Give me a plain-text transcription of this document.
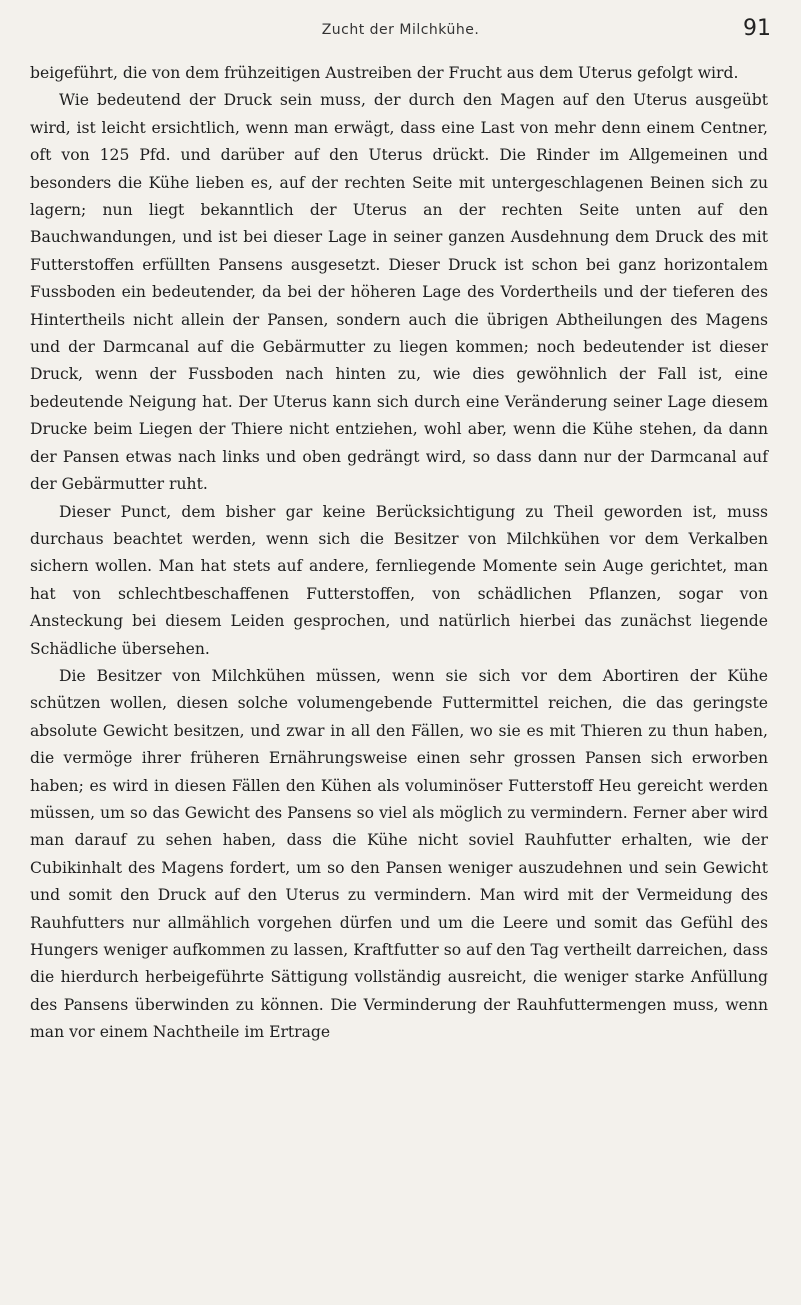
Zucht der Milchkühe.	91

beigeführt, die von dem frühzeitigen Austreiben der Frucht aus dem Uterus gefolgt wird.

Wie bedeutend der Druck sein muss, der durch den Magen auf den Uterus ausgeübt wird, ist leicht ersichtlich, wenn man erwägt, dass eine Last von mehr denn einem Centner, oft von 125 Pfd. und darüber auf den Uterus drückt. Die Rinder im Allgemeinen und besonders die Kühe lieben es, auf der rechten Seite mit untergeschlagenen Beinen sich zu lagern; nun liegt bekanntlich der Uterus an der rechten Seite unten auf den Bauchwandungen, und ist bei dieser Lage in seiner ganzen Ausdehnung dem Druck des mit Futterstoffen erfüllten Pansens ausgesetzt. Dieser Druck ist schon bei ganz horizontalem Fussboden ein bedeutender, da bei der höheren Lage des Vordertheils und der tieferen des Hintertheils nicht allein der Pansen, sondern auch die übrigen Abtheilungen des Magens und der Darmcanal auf die Gebärmutter zu liegen kommen; noch bedeutender ist dieser Druck, wenn der Fussboden nach hinten zu, wie dies gewöhnlich der Fall ist, eine bedeutende Neigung hat. Der Uterus kann sich durch eine Veränderung seiner Lage diesem Drucke beim Liegen der Thiere nicht entziehen, wohl aber, wenn die Kühe stehen, da dann der Pansen etwas nach links und oben gedrängt wird, so dass dann nur der Darmcanal auf der Gebärmutter ruht.

Dieser Punct, dem bisher gar keine Berücksichtigung zu Theil geworden ist, muss durchaus beachtet werden, wenn sich die Besitzer von Milchkühen vor dem Verkalben sichern wollen. Man hat stets auf andere, fernliegende Momente sein Auge gerichtet, man hat von schlechtbeschaffenen Futterstoffen, von schädlichen Pflanzen, sogar von Ansteckung bei diesem Leiden gesprochen, und natürlich hierbei das zunächst liegende Schädliche übersehen.

Die Besitzer von Milchkühen müssen, wenn sie sich vor dem Abortiren der Kühe schützen wollen, diesen solche volumengebende Futtermittel reichen, die das geringste absolute Gewicht besitzen, und zwar in all den Fällen, wo sie es mit Thieren zu thun haben, die vermöge ihrer früheren Ernährungsweise einen sehr grossen Pansen sich erworben haben; es wird in diesen Fällen den Kühen als voluminöser Futterstoff Heu gereicht werden müssen, um so das Gewicht des Pansens so viel als möglich zu vermindern. Ferner aber wird man darauf zu sehen haben, dass die Kühe nicht soviel Rauhfutter erhalten, wie der Cubikinhalt des Magens fordert, um so den Pansen weniger auszudehnen und sein Gewicht und somit den Druck auf den Uterus zu vermindern. Man wird mit der Vermeidung des Rauhfutters nur allmählich vorgehen dürfen und um die Leere und somit das Gefühl des Hungers weniger aufkommen zu lassen, Kraftfutter so auf den Tag vertheilt darreichen, dass die hierdurch herbeigeführte Sättigung vollständig ausreicht, die weniger starke Anfüllung des Pansens überwinden zu können. Die Verminderung der Rauhfuttermengen muss, wenn man vor einem Nachtheile im Ertrage
